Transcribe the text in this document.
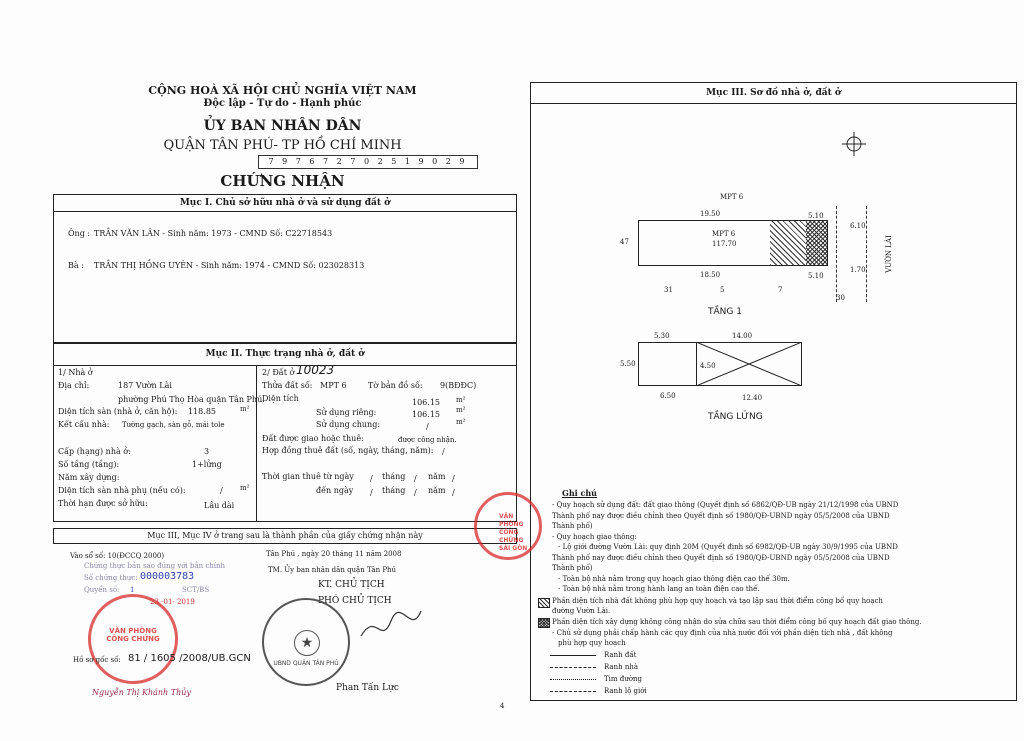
CỘNG HOÀ XÃ HỘI CHỦ NGHĨA VIỆT NAM
Độc lập - Tự do - Hạnh phúc
ỦY BAN NHÂN DÂN
QUẬN TÂN PHÚ- TP HỒ CHÍ MINH
7 9 7 6 7 2 7 0 2 5 1 9 0 2 9
CHỨNG NHẬN
Mục I. Chủ sở hữu nhà ở và sử dụng đất ở
Ông : TRẦN VĂN LÂN - Sinh năm: 1973 - CMND Số: C22718543
Bà : TRẦN THỊ HỒNG UYÊN - Sinh năm: 1974 - CMND Số: 023028313
Mục II. Thực trạng nhà ở, đất ở
1/ Nhà ở
Địa chỉ:	187 Vườn Lài
phường Phú Thọ Hòa quận Tân Phú.
Diện tích sàn (nhà ở, căn hộ): 118.85	m²
Kết cấu nhà: Tường gạch, sàn gỗ, mái tole
Cấp (hạng) nhà ở:	3
Số tầng (tầng):	1+lửng
Năm xây dựng:
Diện tích sàn nhà phụ (nếu có):	/ m²
Thời hạn được sở hữu:	Lâu dài
2/ Đất ở 10023
Thửa đất số: MPT 6	Tờ bản đồ số: 9(BĐĐC)
Diện tích	106.15 m²
Sử dụng riêng:	106.15 m²
Sử dụng chung:	/	m²
Đất được giao hoặc thuê:	được công nhận.
Hợp đồng thuê đất (số, ngày, tháng, năm): /
Thời gian thuê từ ngày / tháng / năm /
đến ngày / tháng / năm /
Mục III, Mục IV ở trang sau là thành phần của giấy chứng nhận này
Vào sổ số: 10(ĐCCQ 2000)
Chứng thực bản sao đúng với bản chính
Số chứng thực: 000003783
Quyển số: 1	SCT/BS
23 -01- 2019
VĂN PHÒNG CÔNG CHỨNG
Nguyễn Thị Khánh Thủy
Hồ sơ gốc số: 81 / 1605 /2008/UB.GCN
Tân Phú , ngày 20 tháng 11 năm 2008
TM. Ủy ban nhân dân quận Tân Phú
KT. CHỦ TỊCH
PHÓ CHỦ TỊCH
★
UBND QUẬN TÂN PHÚ
Phan Tấn Lực
Mục III. Sơ đồ nhà ở, đất ở
MPT 6
19.50
MPT 6
117.70
18.50
5.10
5.10
47
6.10
1.70	VƯỜN LÀI
31	5	7
30
TẦNG 1
14.00
5.30
5.50	4.50
12.40
6.50
TẦNG LỬNG
Ghi chú
- Quy hoạch sử dụng đất: đất giao thông (Quyết định số 6862/QĐ-UB ngày 21/12/1998 của UBND
Thành phố nay được điều chỉnh theo Quyết định số 1980/QĐ-UBND ngày 05/5/2008 của UBND
Thành phố)
- Quy hoạch giao thông:
- Lộ giới đường Vườn Lài: quy định 20M (Quyết định số 6982/QĐ-UB ngày 30/9/1995 của UBND
Thành phố nay được điều chỉnh theo Quyết định số 1980/QĐ-UBND ngày 05/5/2008 của UBND
Thành phố)
- Toàn bộ nhà nằm trong quy hoạch giao thông điện cao thế 30m.
- Toàn bộ nhà nằm trong hành lang an toàn điện cao thế.
Phần diện tích nhà đất không phù hợp quy hoạch và tạo lập sau thời điểm công bố quy hoạch
đường Vườn Lài.
Phần diện tích xây dựng không công nhận do sửa chữa sau thời điểm công bố quy hoạch đất giao thông.
- Chủ sử dụng phải chấp hành các quy định của nhà nước đối với phần diện tích nhà , đất không
phù hợp quy hoạch
Ranh đất
Ranh nhà
Tim đường
Ranh lộ giới
VĂN PHÒNG CÔNG CHỨNG SÀI GÒN
4
